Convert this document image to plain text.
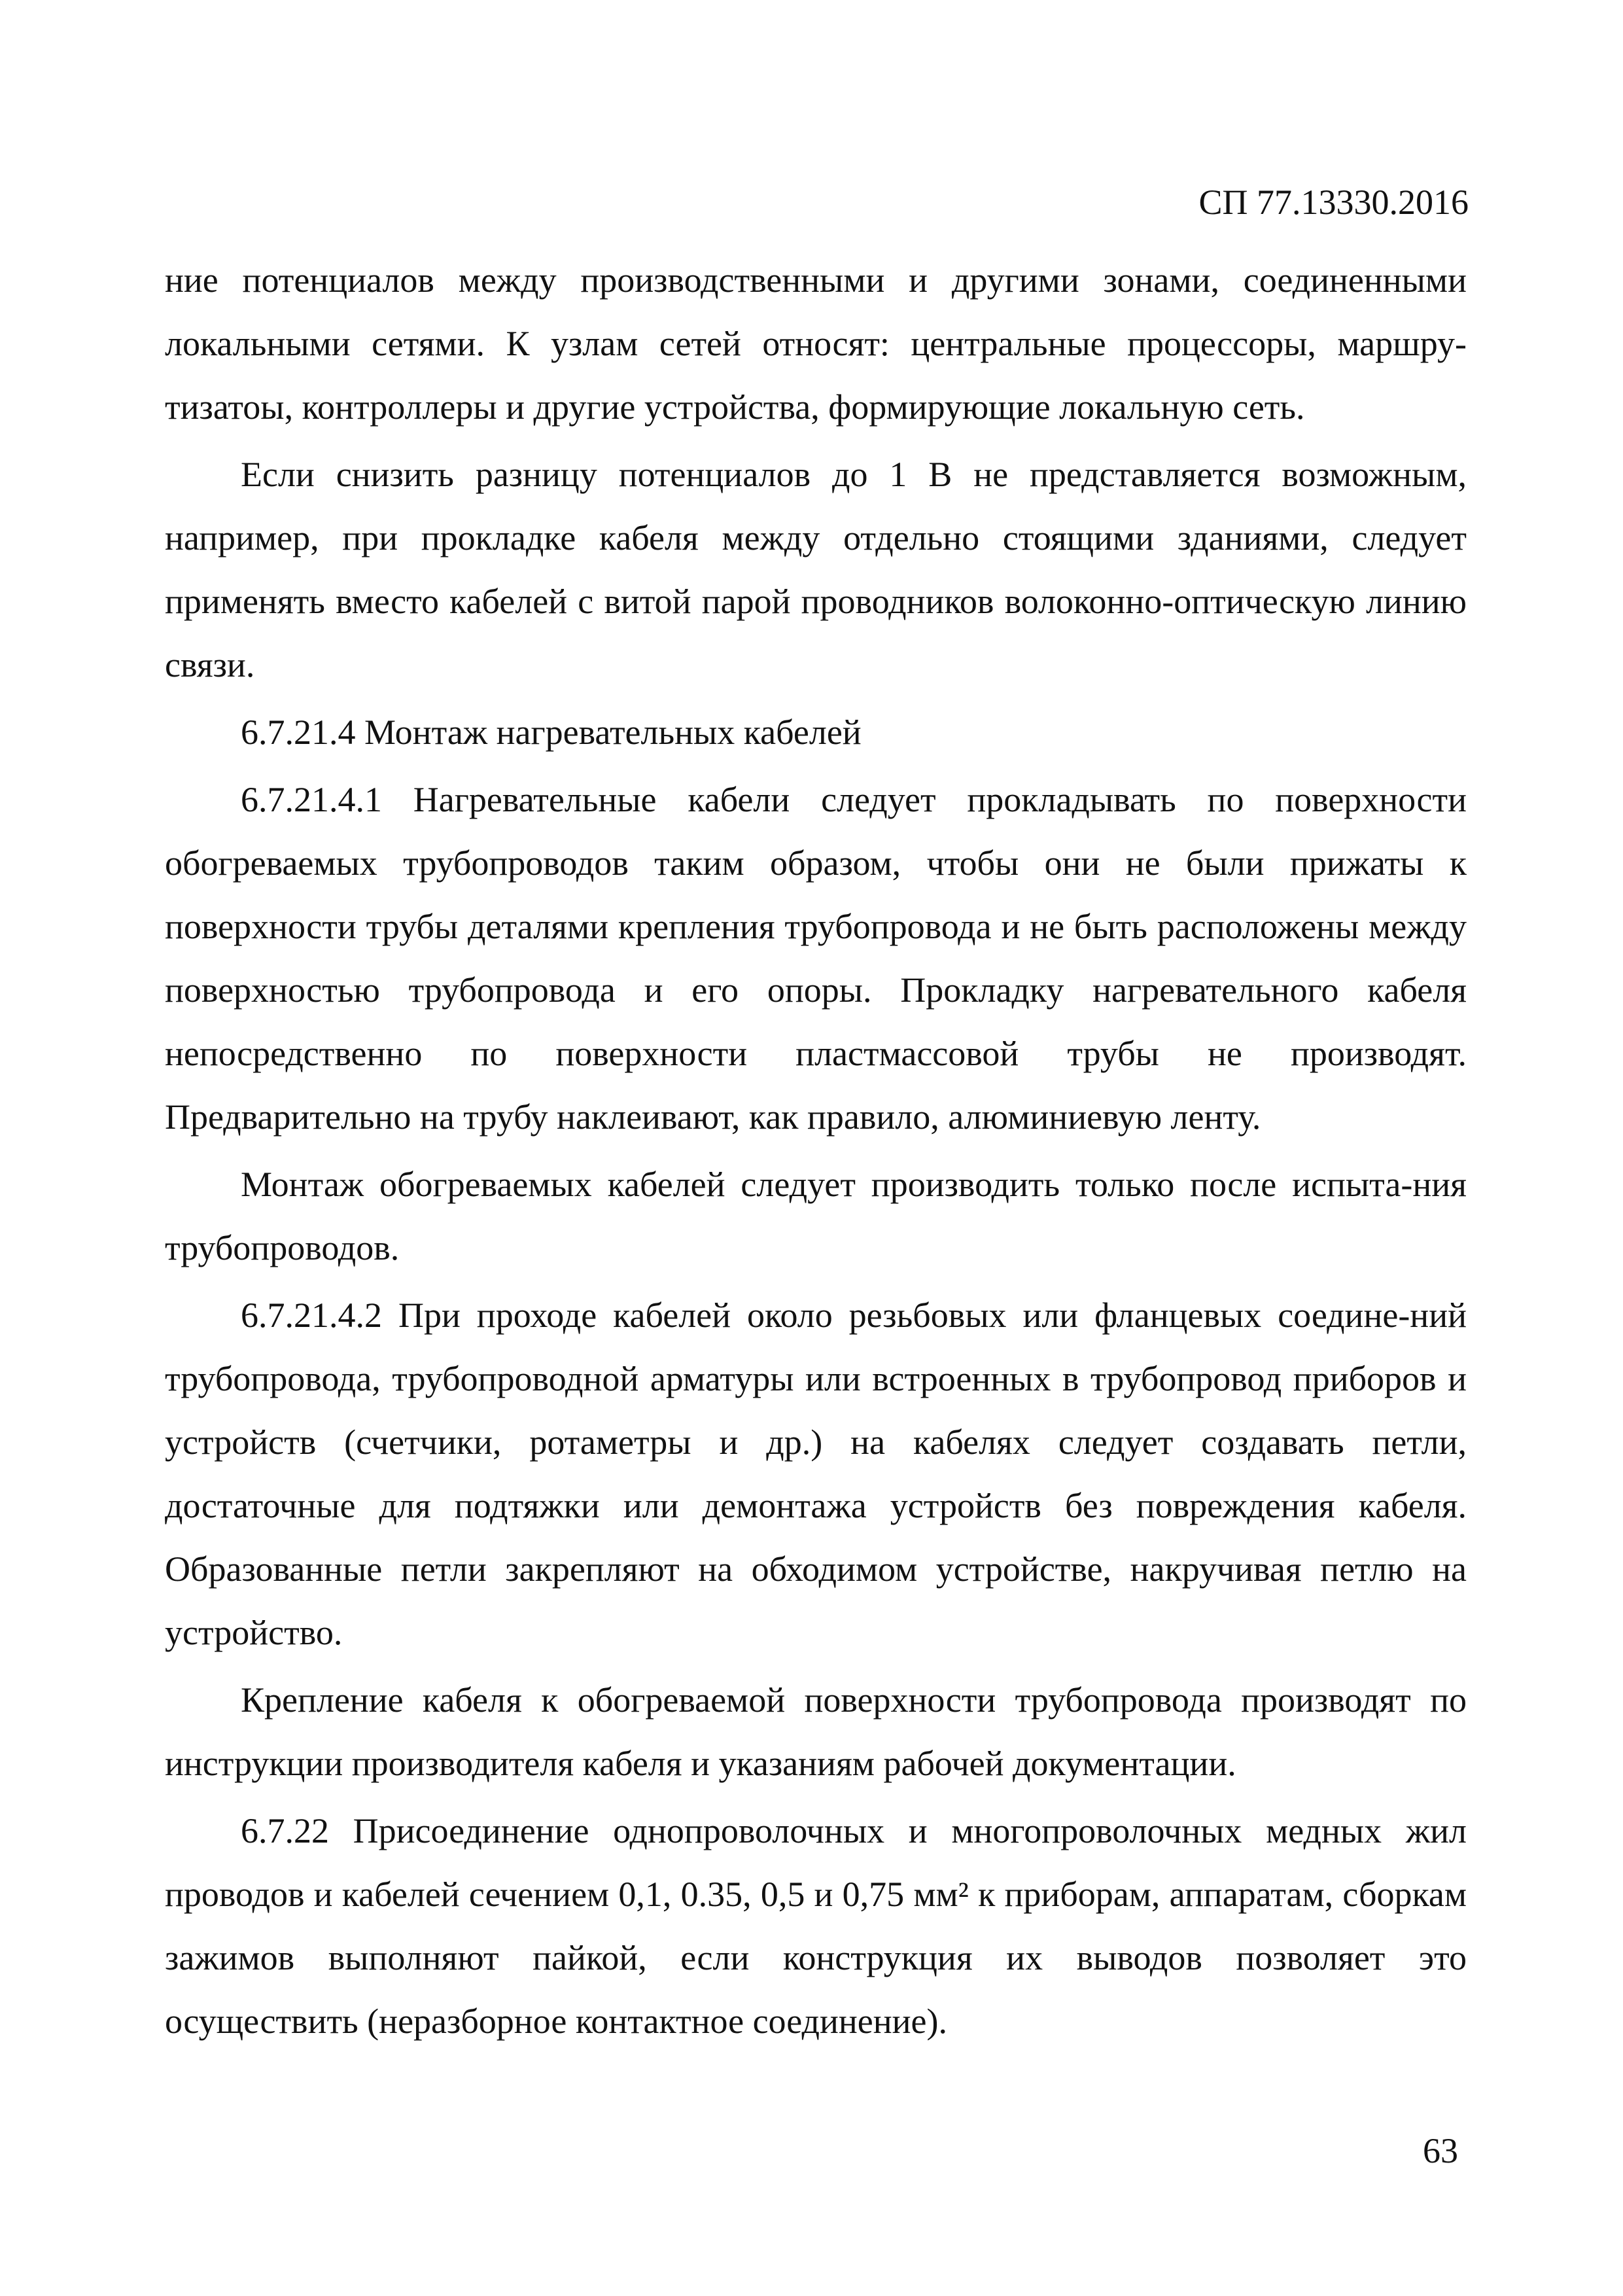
СП 77.13330.2016

ние потенциалов между производственными и другими зонами, соединенными локальными сетями. К узлам сетей относят: центральные процессоры, маршру-тизатоы, контроллеры и другие устройства, формирующие локальную сеть.

Если снизить разницу потенциалов до 1 В не представляется возможным, например, при прокладке кабеля между отдельно стоящими зданиями, следует применять вместо кабелей с витой парой проводников волоконно-оптическую линию связи.

6.7.21.4 Монтаж нагревательных кабелей

6.7.21.4.1 Нагревательные кабели следует прокладывать по поверхности обогреваемых трубопроводов таким образом, чтобы они не были прижаты к поверхности трубы деталями крепления трубопровода и не быть расположены между поверхностью трубопровода и его опоры. Прокладку нагревательного кабеля непосредственно по поверхности пластмассовой трубы не производят. Предварительно на трубу наклеивают, как правило, алюминиевую ленту.

Монтаж обогреваемых кабелей следует производить только после испыта-ния трубопроводов.

6.7.21.4.2 При проходе кабелей около резьбовых или фланцевых соедине-ний трубопровода, трубопроводной арматуры или встроенных в трубопровод приборов и устройств (счетчики, ротаметры и др.) на кабелях следует создавать петли, достаточные для подтяжки или демонтажа устройств без повреждения кабеля. Образованные петли закрепляют на обходимом устройстве, накручивая петлю на устройство.

Крепление кабеля к обогреваемой поверхности трубопровода производят по инструкции производителя кабеля и указаниям рабочей документации.

6.7.22 Присоединение однопроволочных и многопроволочных медных жил проводов и кабелей сечением 0,1, 0.35, 0,5 и 0,75 мм² к приборам, аппаратам, сборкам зажимов выполняют пайкой, если конструкция их выводов позволяет это осуществить (неразборное контактное соединение).

63
